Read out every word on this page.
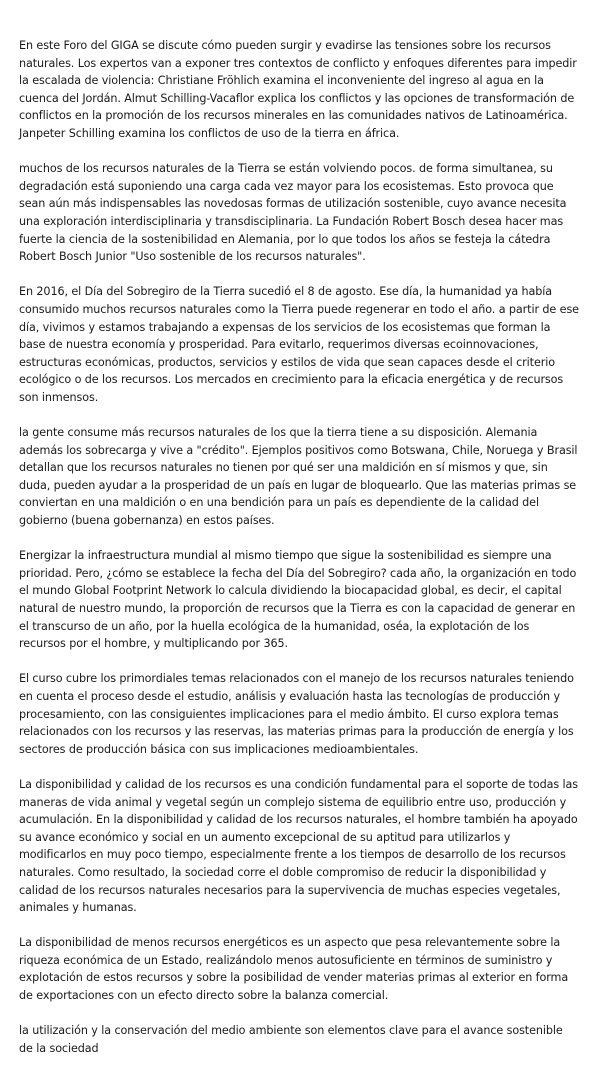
En este Foro del GIGA se discute cómo pueden surgir y evadirse las tensiones sobre los recursos naturales. Los expertos van a exponer tres contextos de conflicto y enfoques diferentes para impedir la escalada de violencia: Christiane Fröhlich examina el inconveniente del ingreso al agua en la cuenca del Jordán. Almut Schilling-Vacaflor explica los conflictos y las opciones de transformación de conflictos en la promoción de los recursos minerales en las comunidades nativos de Latinoamérica. Janpeter Schilling examina los conflictos de uso de la tierra en áfrica.

muchos de los recursos naturales de la Tierra se están volviendo pocos. de forma simultanea, su degradación está suponiendo una carga cada vez mayor para los ecosistemas. Esto provoca que sean aún más indispensables las novedosas formas de utilización sostenible, cuyo avance necesita una exploración interdisciplinaria y transdisciplinaria. La Fundación Robert Bosch desea hacer mas fuerte la ciencia de la sostenibilidad en Alemania, por lo que todos los años se festeja la cátedra Robert Bosch Junior "Uso sostenible de los recursos naturales".

En 2016, el Día del Sobregiro de la Tierra sucedió el 8 de agosto. Ese día, la humanidad ya había consumido muchos recursos naturales como la Tierra puede regenerar en todo el año. a partir de ese día, vivimos y estamos trabajando a expensas de los servicios de los ecosistemas que forman la base de nuestra economía y prosperidad. Para evitarlo, requerimos diversas ecoinnovaciones, estructuras económicas, productos, servicios y estilos de vida que sean capaces desde el criterio ecológico o de los recursos. Los mercados en crecimiento para la eficacia energética y de recursos son inmensos.

la gente consume más recursos naturales de los que la tierra tiene a su disposición. Alemania además los sobrecarga y vive a "crédito". Ejemplos positivos como Botswana, Chile, Noruega y Brasil detallan que los recursos naturales no tienen por qué ser una maldición en sí mismos y que, sin duda, pueden ayudar a la prosperidad de un país en lugar de bloquearlo. Que las materias primas se conviertan en una maldición o en una bendición para un país es dependiente de la calidad del gobierno (buena gobernanza) en estos países.

Energizar la infraestructura mundial al mismo tiempo que sigue la sostenibilidad es siempre una prioridad. Pero, ¿cómo se establece la fecha del Día del Sobregiro? cada año, la organización en todo el mundo Global Footprint Network lo calcula dividiendo la biocapacidad global, es decir, el capital natural de nuestro mundo, la proporción de recursos que la Tierra es con la capacidad de generar en el transcurso de un año, por la huella ecológica de la humanidad, oséa, la explotación de los recursos por el hombre, y multiplicando por 365.

El curso cubre los primordiales temas relacionados con el manejo de los recursos naturales teniendo en cuenta el proceso desde el estudio, análisis y evaluación hasta las tecnologías de producción y procesamiento, con las consiguientes implicaciones para el medio ámbito. El curso explora temas relacionados con los recursos y las reservas, las materias primas para la producción de energía y los sectores de producción básica con sus implicaciones medioambientales.

La disponibilidad y calidad de los recursos es una condición fundamental para el soporte de todas las maneras de vida animal y vegetal según un complejo sistema de equilibrio entre uso, producción y acumulación. En la disponibilidad y calidad de los recursos naturales, el hombre también ha apoyado su avance económico y social en un aumento excepcional de su aptitud para utilizarlos y modificarlos en muy poco tiempo, especialmente frente a los tiempos de desarrollo de los recursos naturales. Como resultado, la sociedad corre el doble compromiso de reducir la disponibilidad y calidad de los recursos naturales necesarios para la supervivencia de muchas especies vegetales, animales y humanas.

La disponibilidad de menos recursos energéticos es un aspecto que pesa relevantemente sobre la riqueza económica de un Estado, realizándolo menos autosuficiente en términos de suministro y explotación de estos recursos y sobre la posibilidad de vender materias primas al exterior en forma de exportaciones con un efecto directo sobre la balanza comercial.

la utilización y la conservación del medio ambiente son elementos clave para el avance sostenible de la sociedad
